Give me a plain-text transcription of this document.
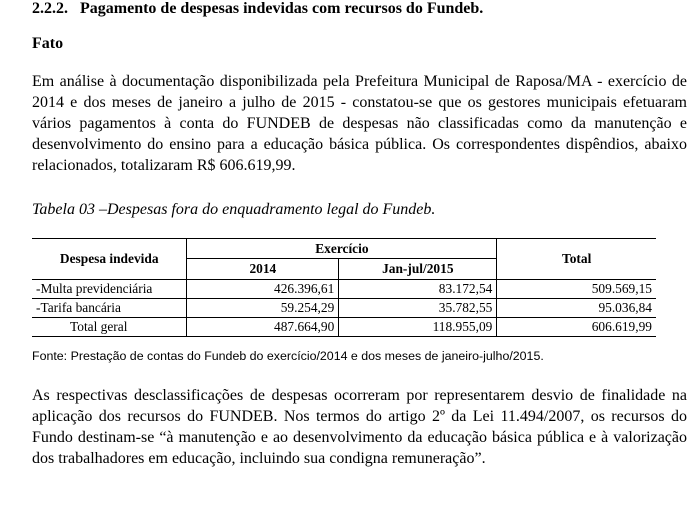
2.2.2. Pagamento de despesas indevidas com recursos do Fundeb.
Fato

Em análise à documentação disponibilizada pela Prefeitura Municipal de Raposa/MA - exercício de 2014 e dos meses de janeiro a julho de 2015 - constatou-se que os gestores municipais efetuaram vários pagamentos à conta do FUNDEB de despesas não classificadas como da manutenção e desenvolvimento do ensino para a educação básica pública. Os correspondentes dispêndios, abaixo relacionados, totalizaram R$ 606.619,99.

Tabela 03 –Despesas fora do enquadramento legal do Fundeb.

Despesa indevida	Exercício		Total
	2014	Jan-jul/2015	
-Multa previdenciária	426.396,61	83.172,54	509.569,15
-Tarifa bancária	59.254,29	35.782,55	95.036,84
Total geral	487.664,90	118.955,09	606.619,99

Fonte: Prestação de contas do Fundeb do exercício/2014 e dos meses de janeiro-julho/2015.

As respectivas desclassificações de despesas ocorreram por representarem desvio de finalidade na aplicação dos recursos do FUNDEB. Nos termos do artigo 2º da Lei 11.494/2007, os recursos do Fundo destinam-se “à manutenção e ao desenvolvimento da educação básica pública e à valorização dos trabalhadores em educação, incluindo sua condigna remuneração”.
